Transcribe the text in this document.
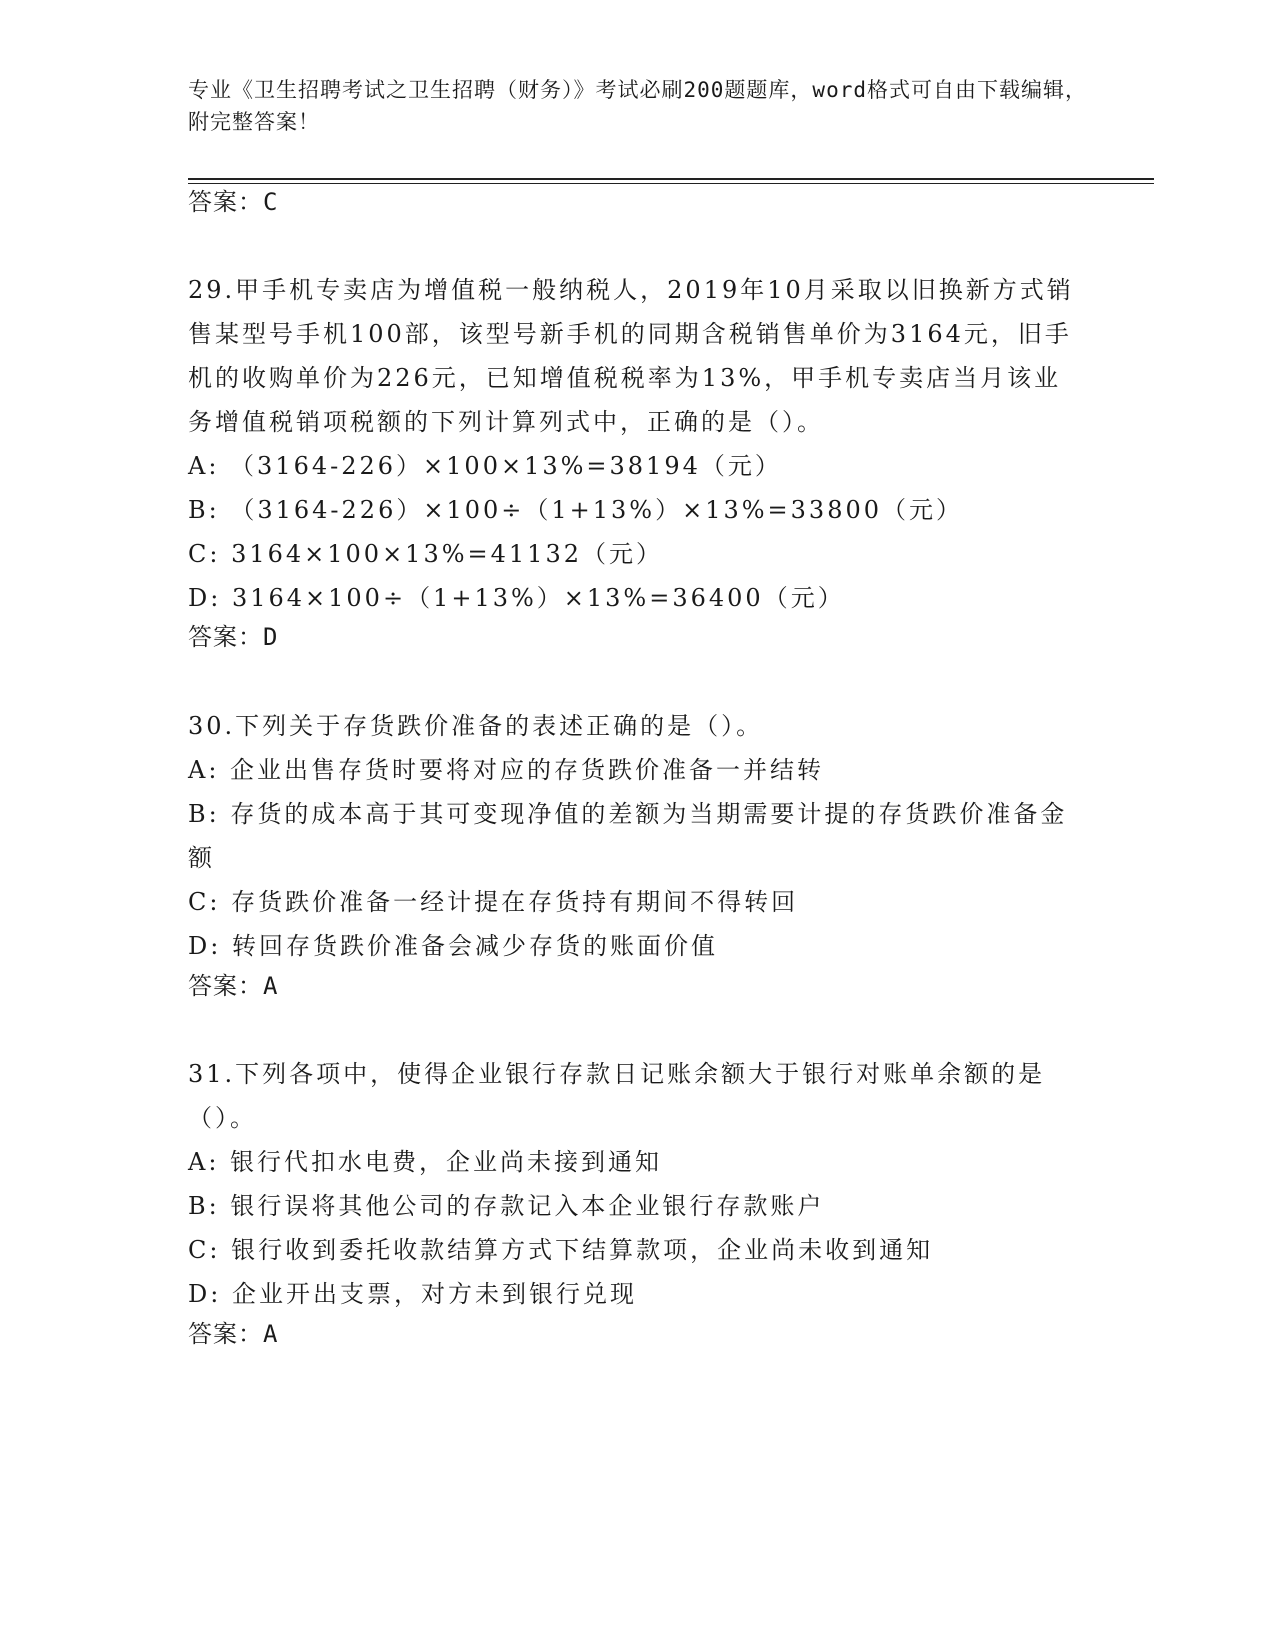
专业《卫生招聘考试之卫生招聘（财务）》考试必刷200题题库，word格式可自由下载编辑，附完整答案！
答案：C

29.甲手机专卖店为增值税一般纳税人，2019年10月采取以旧换新方式销售某型号手机100部，该型号新手机的同期含税销售单价为3164元，旧手机的收购单价为226元，已知增值税税率为13%，甲手机专卖店当月该业务增值税销项税额的下列计算列式中，正确的是（）。

A: （3164-226）×100×13%=38194（元）

B: （3164-226）×100÷（1+13%）×13%=33800（元）

C: 3164×100×13%=41132（元）

D: 3164×100÷（1+13%）×13%=36400（元）

答案：D

30.下列关于存货跌价准备的表述正确的是（）。

A: 企业出售存货时要将对应的存货跌价准备一并结转

B: 存货的成本高于其可变现净值的差额为当期需要计提的存货跌价准备金额

C: 存货跌价准备一经计提在存货持有期间不得转回

D: 转回存货跌价准备会减少存货的账面价值

答案：A

31.下列各项中，使得企业银行存款日记账余额大于银行对账单余额的是（）。

A: 银行代扣水电费，企业尚未接到通知

B: 银行误将其他公司的存款记入本企业银行存款账户

C: 银行收到委托收款结算方式下结算款项，企业尚未收到通知

D: 企业开出支票，对方未到银行兑现

答案：A
